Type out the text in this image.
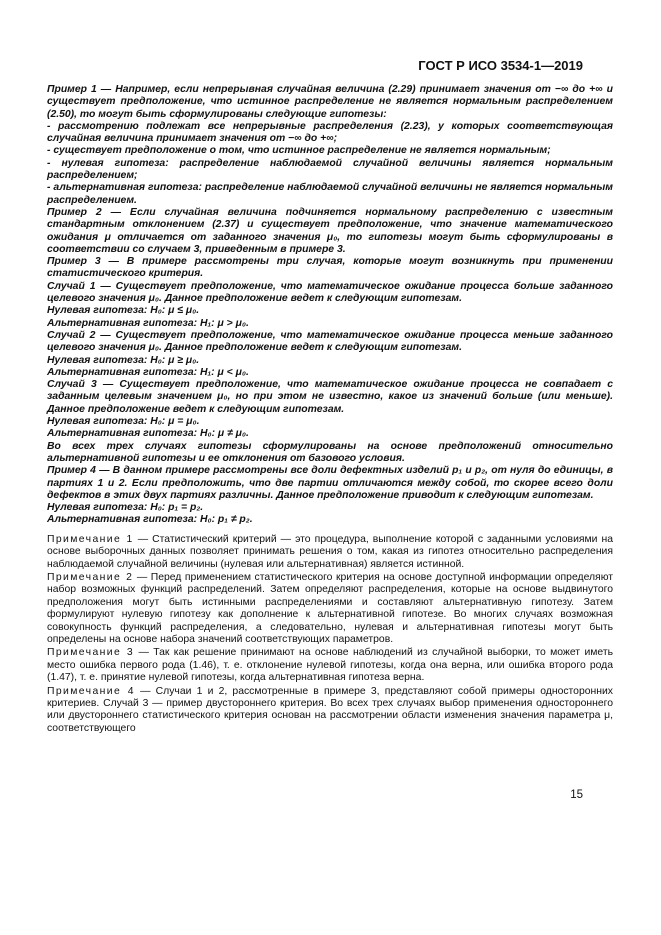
ГОСТ Р ИСО 3534-1—2019

Пример 1 — Например, если непрерывная случайная величина (2.29) принимает значения от −∞ до +∞ и существует предположение, что истинное распределение не является нормальным распределением (2.50), то могут быть сформулированы следующие гипотезы:

- рассмотрению подлежат все непрерывные распределения (2.23), у которых соответствующая случайная величина принимает значения от −∞ до +∞;

- существует предположение о том, что истинное распределение не является нормальным;

- нулевая гипотеза: распределение наблюдаемой случайной величины является нормальным распределением;

- альтернативная гипотеза: распределение наблюдаемой случайной величины не является нормальным распределением.

Пример 2 — Если случайная величина подчиняется нормальному распределению с известным стандартным отклонением (2.37) и существует предположение, что значение математического ожидания μ отличается от заданного значения μ₀, то гипотезы могут быть сформулированы в соответствии со случаем 3, приведенным в примере 3.

Пример 3 — В примере рассмотрены три случая, которые могут возникнуть при применении статистического критерия.

Случай 1 — Существует предположение, что математическое ожидание процесса больше заданного целевого значения μ₀. Данное предположение ведет к следующим гипотезам.

Нулевая гипотеза: H₀: μ ≤ μ₀.

Альтернативная гипотеза: H₁: μ > μ₀.

Случай 2 — Существует предположение, что математическое ожидание процесса меньше заданного целевого значения μ₀. Данное предположение ведет к следующим гипотезам.

Нулевая гипотеза: H₀: μ ≥ μ₀.

Альтернативная гипотеза: H₁: μ < μ₀.

Случай 3 — Существует предположение, что математическое ожидание процесса не совпадает с заданным целевым значением μ₀, но при этом не известно, какое из значений больше (или меньше). Данное предположение ведет к следующим гипотезам.

Нулевая гипотеза: H₀: μ = μ₀.

Альтернативная гипотеза: H₀: μ ≠ μ₀.

Во всех трех случаях гипотезы сформулированы на основе предположений относительно альтернативной гипотезы и ее отклонения от базового условия.

Пример 4 — В данном примере рассмотрены все доли дефектных изделий p₁ и p₂, от нуля до единицы, в партиях 1 и 2. Если предположить, что две партии отличаются между собой, то скорее всего доли дефектов в этих двух партиях различны. Данное предположение приводит к следующим гипотезам.

Нулевая гипотеза: H₀: p₁ = p₂.

Альтернативная гипотеза: H₀: p₁ ≠ p₂.

Примечание 1 — Статистический критерий — это процедура, выполнение которой с заданными условиями на основе выборочных данных позволяет принимать решения о том, какая из гипотез относительно распределения наблюдаемой случайной величины (нулевая или альтернативная) является истинной.

Примечание 2 — Перед применением статистического критерия на основе доступной информации определяют набор возможных функций распределений. Затем определяют распределения, которые на основе выдвинутого предположения могут быть истинными распределениями и составляют альтернативную гипотезу. Затем формулируют нулевую гипотезу как дополнение к альтернативной гипотезе. Во многих случаях возможная совокупность функций распределения, а следовательно, нулевая и альтернативная гипотезы могут быть определены на основе набора значений соответствующих параметров.

Примечание 3 — Так как решение принимают на основе наблюдений из случайной выборки, то может иметь место ошибка первого рода (1.46), т. е. отклонение нулевой гипотезы, когда она верна, или ошибка второго рода (1.47), т. е. принятие нулевой гипотезы, когда альтернативная гипотеза верна.

Примечание 4 — Случаи 1 и 2, рассмотренные в примере 3, представляют собой примеры односторонних критериев. Случай 3 — пример двустороннего критерия. Во всех трех случаях выбор применения одностороннего или двустороннего статистического критерия основан на рассмотрении области изменения значения параметра μ, соответствующего

15
